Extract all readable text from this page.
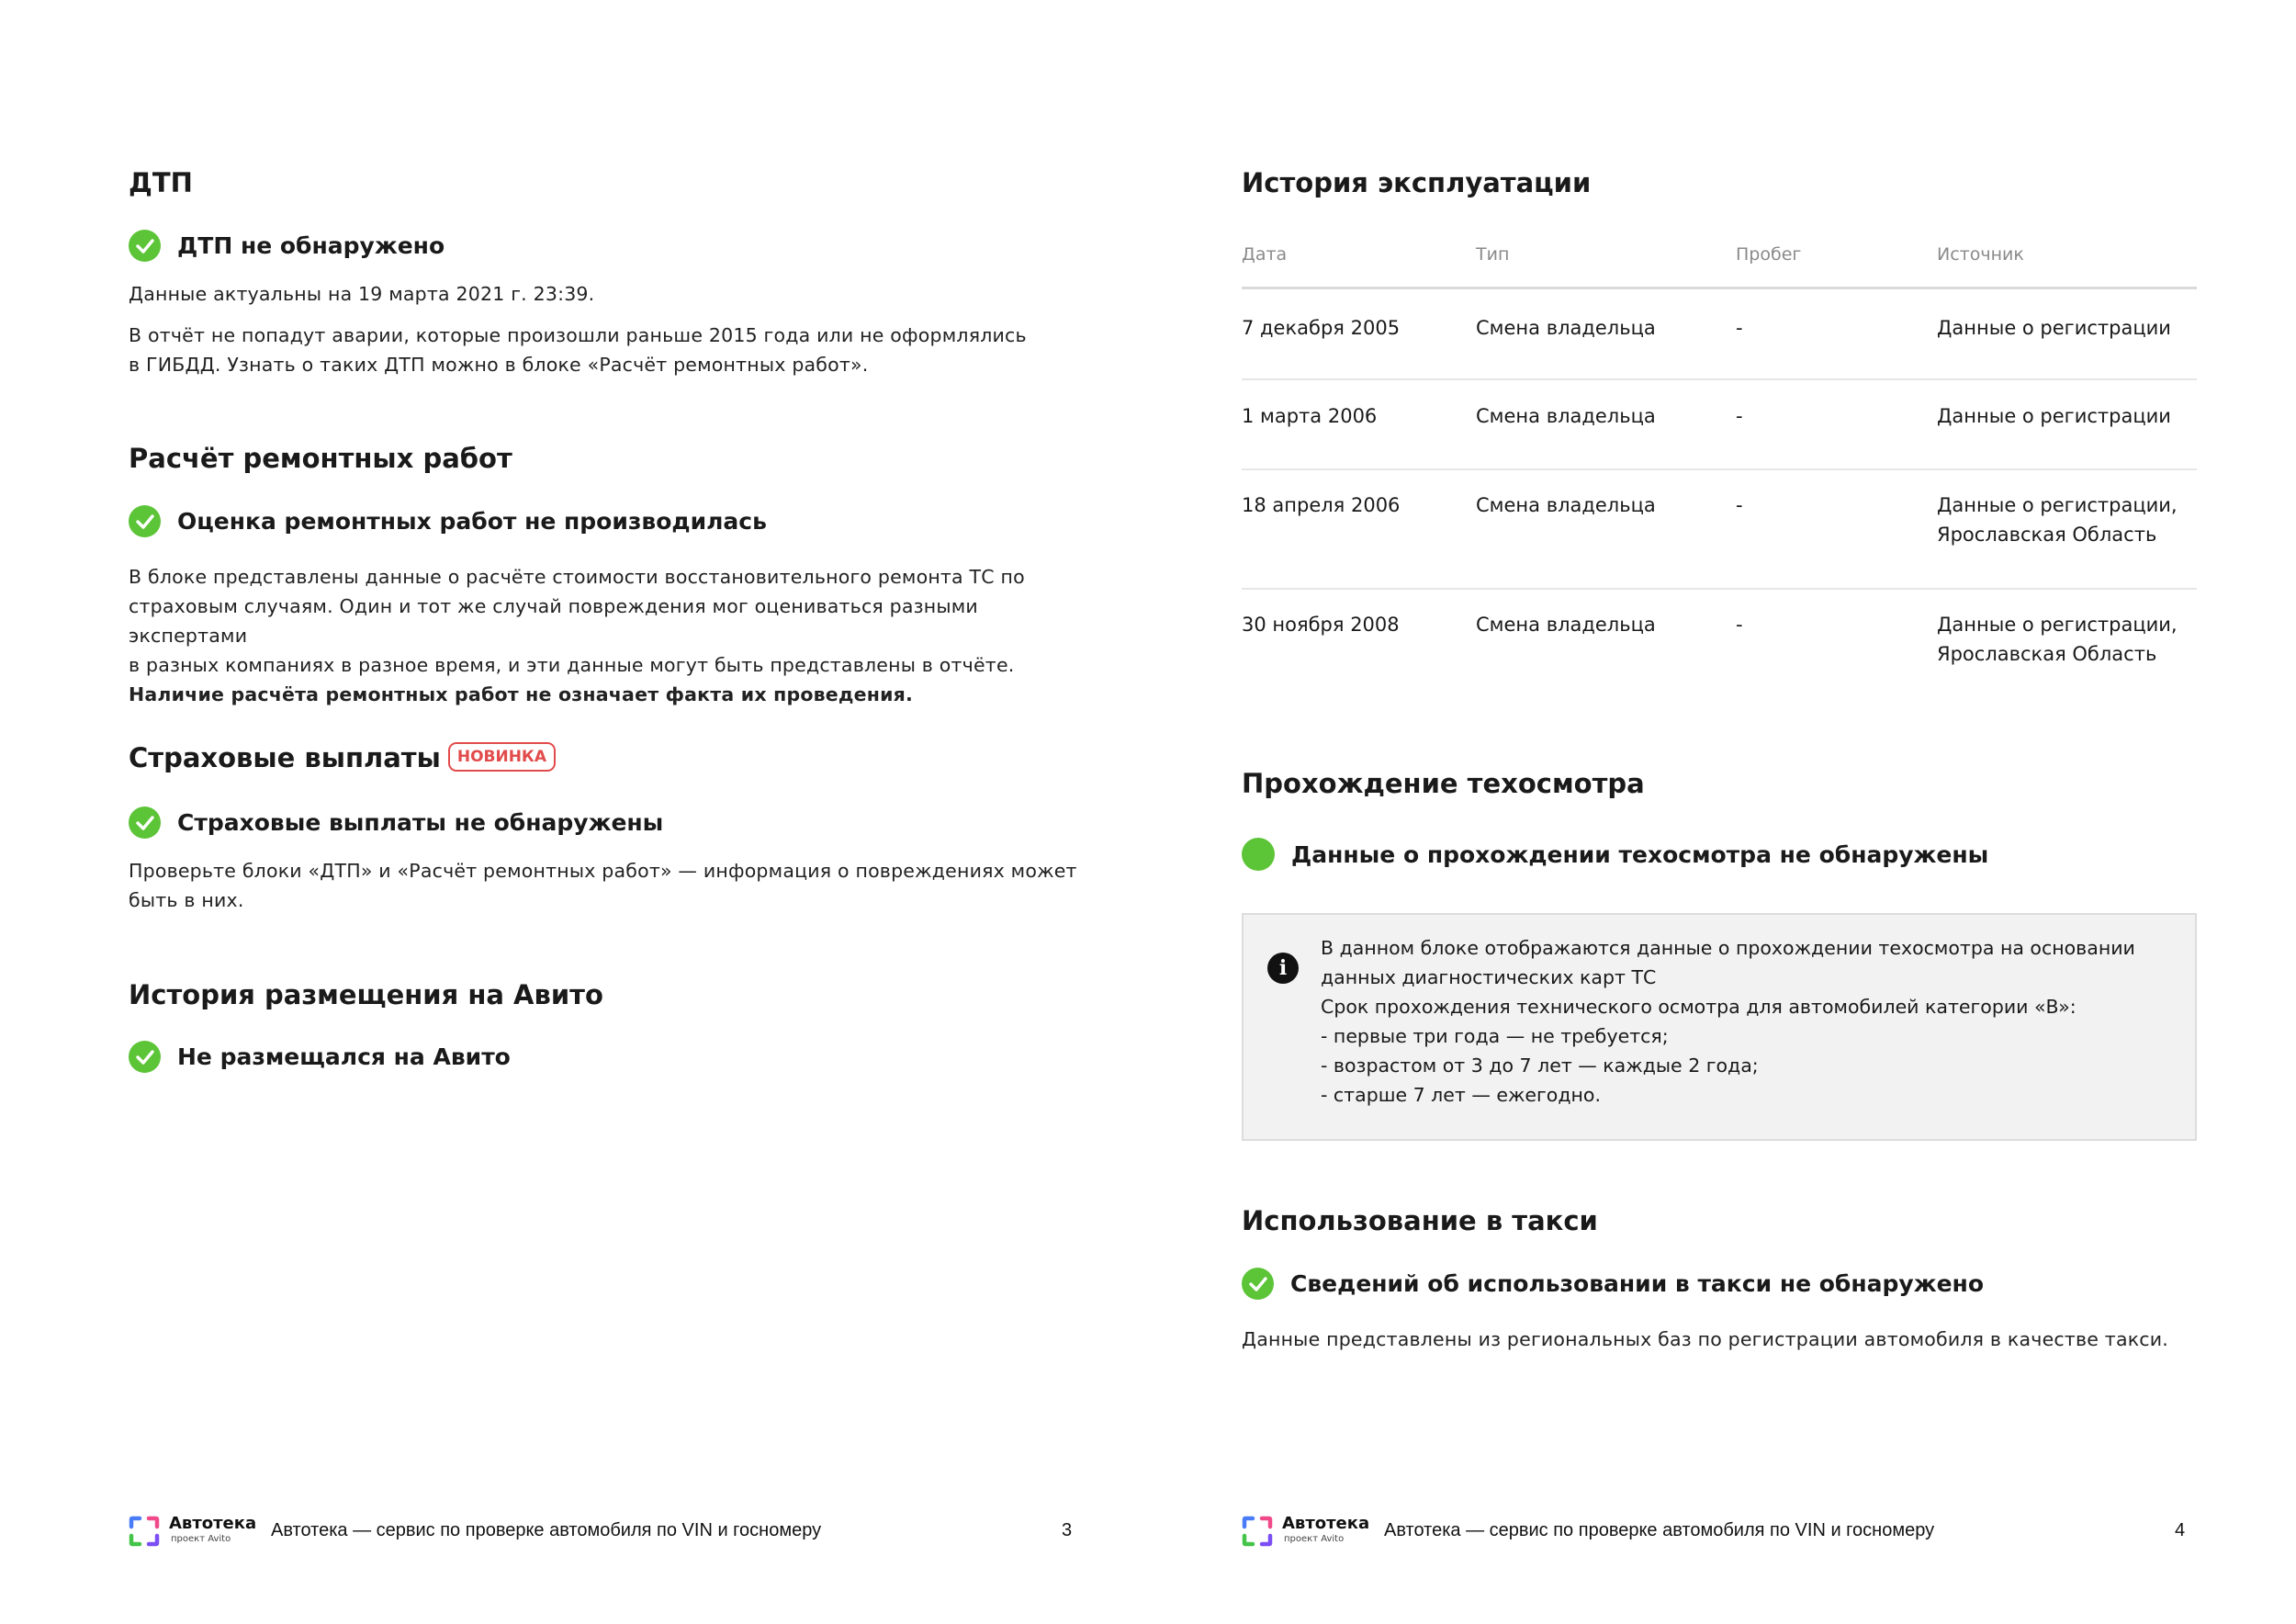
ДТП
ДТП не обнаружено
Данные актуальны на 19 марта 2021 г. 23:39.
В отчёт не попадут аварии, которые произошли раньше 2015 года или не оформлялись
в ГИБДД. Узнать о таких ДТП можно в блоке «Расчёт ремонтных работ».
Расчёт ремонтных работ
Оценка ремонтных работ не производилась
В блоке представлены данные о расчёте стоимости восстановительного ремонта ТС по
страховым случаям. Один и тот же случай повреждения мог оцениваться разными экспертами
в разных компаниях в разное время, и эти данные могут быть представлены в отчёте.
Наличие расчёта ремонтных работ не означает факта их проведения.
Страховые выплаты НОВИНКА
Страховые выплаты не обнаружены
Проверьте блоки «ДТП» и «Расчёт ремонтных работ» — информация о повреждениях может
быть в них.
История размещения на Авито
Не размещался на Авито
Автотека
проект Avito Автотека — сервис по проверке автомобиля по VIN и госномеру	3
История эксплуатации
Дата	Тип	Пробег	Источник
7 декабря 2005	Смена владельца	-	Данные о регистрации
1 марта 2006	Смена владельца	-	Данные о регистрации
18 апреля 2006	Смена владельца	-	Данные о регистрации,
Ярославская Область
30 ноября 2008	Смена владельца	-	Данные о регистрации,
Ярославская Область
Прохождение техосмотра
Данные о прохождении техосмотра не обнаружены
i
В данном блоке отображаются данные о прохождении техосмотра на основании
данных диагностических карт ТС
Срок прохождения технического осмотра для автомобилей категории «B»:
- первые три года — не требуется;
- возрастом от 3 до 7 лет — каждые 2 года;
- старше 7 лет — ежегодно.
Использование в такси
Сведений об использовании в такси не обнаружено
Данные представлены из региональных баз по регистрации автомобиля в качестве такси.
Автотека
проект Avito Автотека — сервис по проверке автомобиля по VIN и госномеру	4
